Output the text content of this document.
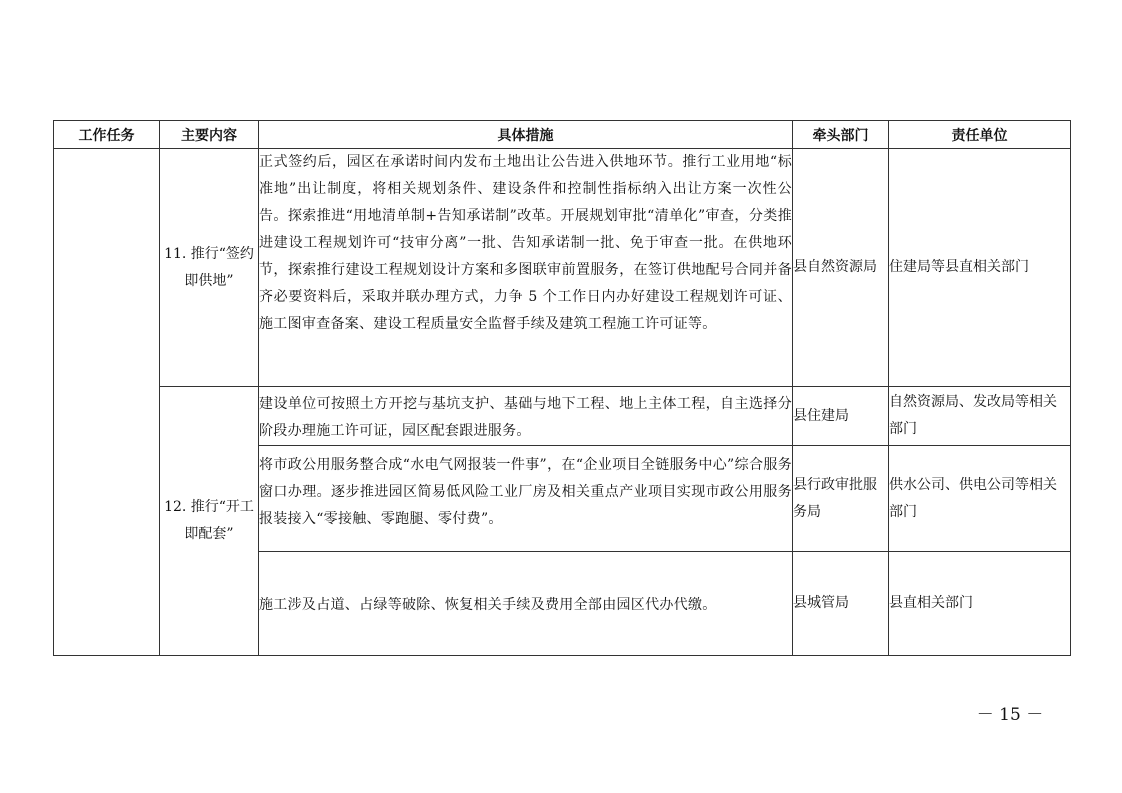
工作任务	主要内容	具体措施	牵头部门	责任单位
	11. 推行“签约即供地”	正式签约后，园区在承诺时间内发布土地出让公告进入供地环节。推行工业用地“标准地”出让制度，将相关规划条件、建设条件和控制性指标纳入出让方案一次性公告。探索推进“用地清单制+告知承诺制”改革。开展规划审批“清单化”审查，分类推进建设工程规划许可“技审分离”一批、告知承诺制一批、免于审查一批。在供地环节，探索推行建设工程规划设计方案和多图联审前置服务，在签订供地配号合同并备齐必要资料后，采取并联办理方式，力争 5 个工作日内办好建设工程规划许可证、施工图审查备案、建设工程质量安全监督手续及建筑工程施工许可证等。	县自然资源局	住建局等县直相关部门
	12. 推行“开工即配套”	建设单位可按照土方开挖与基坑支护、基础与地下工程、地上主体工程，自主选择分阶段办理施工许可证，园区配套跟进服务。	县住建局	自然资源局、发改局等相关部门
		将市政公用服务整合成“水电气网报装一件事”，在“企业项目全链服务中心”综合服务窗口办理。逐步推进园区简易低风险工业厂房及相关重点产业项目实现市政公用服务报装接入“零接触、零跑腿、零付费”。	县行政审批服务局	供水公司、供电公司等相关部门
		施工涉及占道、占绿等破除、恢复相关手续及费用全部由园区代办代缴。	县城管局	县直相关部门
－ 15 －
